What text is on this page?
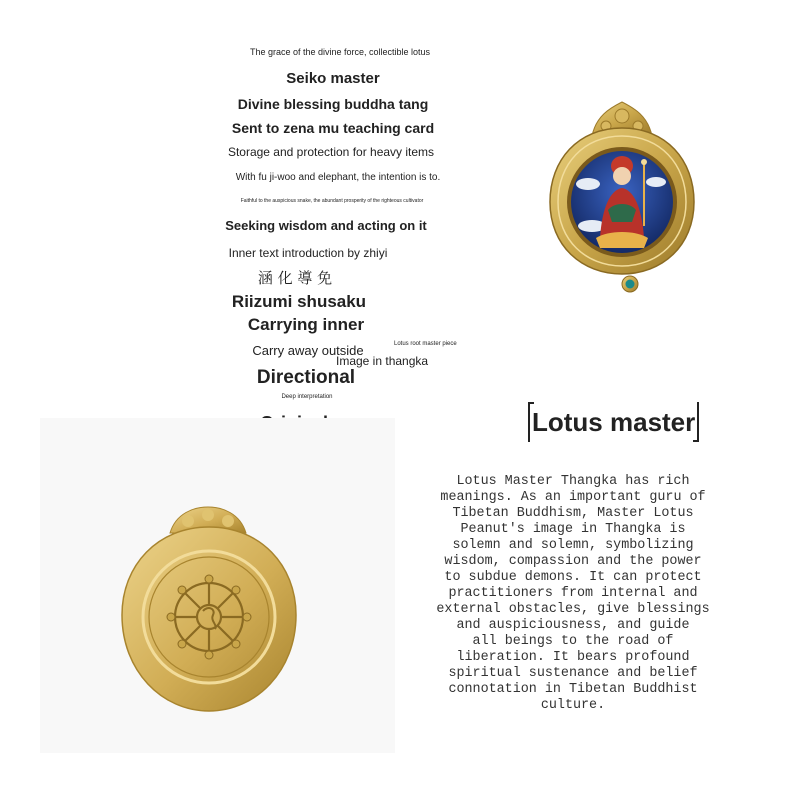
The grace of the divine force, collectible lotus
Seiko master
Divine blessing buddha tang
Sent to zena mu teaching card
Storage and protection for heavy items
With fu ji-woo and elephant, the intention is to.
Faithful to the auspicious snake, the abundant prosperity of the righteous cultivator
Seeking wisdom and acting on it
Inner text introduction by zhiyi
涵 化 導 免
Riizumi shusaku
Carrying inner
Carry away outside	Lotus root master piece
Image in thangka
Directional
Deep interpretation
Lotus master
Lotus Master Thangka has rich
meanings. As an important guru of
Tibetan Buddhism, Master Lotus
Peanut's image in Thangka is
solemn and solemn, symbolizing
wisdom, compassion and the power
to subdue demons. It can protect
practitioners from internal and
external obstacles, give blessings
and auspiciousness, and guide
all beings to the road of
liberation. It bears profound
spiritual sustenance and belief
connotation in Tibetan Buddhist
culture.
